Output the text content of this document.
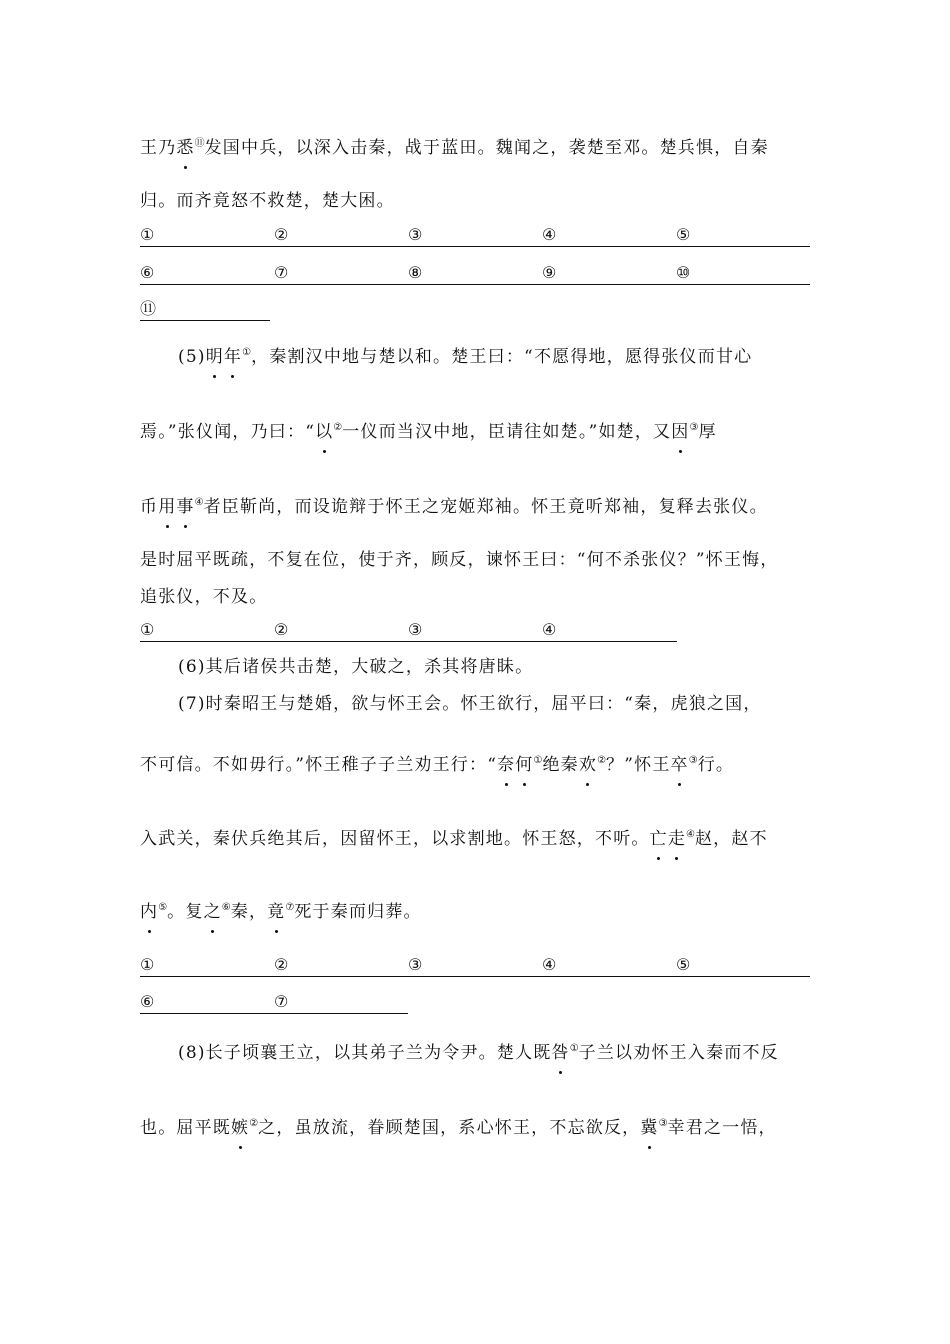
王乃悉⑪发国中兵，以深入击秦，战于蓝田。魏闻之，袭楚至邓。楚兵惧，自秦
归。而齐竟怒不救楚，楚大困。
①	②	③	④	⑤
⑥	⑦	⑧	⑨	⑩
⑪
(5)明年①，秦割汉中地与楚以和。楚王曰：“不愿得地，愿得张仪而甘心
焉。”张仪闻，乃曰：“以②一仪而当汉中地，臣请往如楚。”如楚，又因③厚
币用事④者臣靳尚，而设诡辩于怀王之宠姬郑袖。怀王竟听郑袖，复释去张仪。
是时屈平既疏，不复在位，使于齐，顾反，谏怀王曰：“何不杀张仪？”怀王悔，
追张仪，不及。
①	②	③	④
(6)其后诸侯共击楚，大破之，杀其将唐眛。
(7)时秦昭王与楚婚，欲与怀王会。怀王欲行，屈平曰：“秦，虎狼之国，
不可信。不如毋行。”怀王稚子子兰劝王行：“奈何①绝秦欢②？”怀王卒③行。
入武关，秦伏兵绝其后，因留怀王，以求割地。怀王怒，不听。亡走④赵，赵不
内⑤。复之⑥秦，竟⑦死于秦而归葬。
①	②	③	④	⑤
⑥	⑦
(8)长子顷襄王立，以其弟子兰为令尹。楚人既咎①子兰以劝怀王入秦而不反
也。屈平既嫉②之，虽放流，眷顾楚国，系心怀王，不忘欲反，冀③幸君之一悟，
